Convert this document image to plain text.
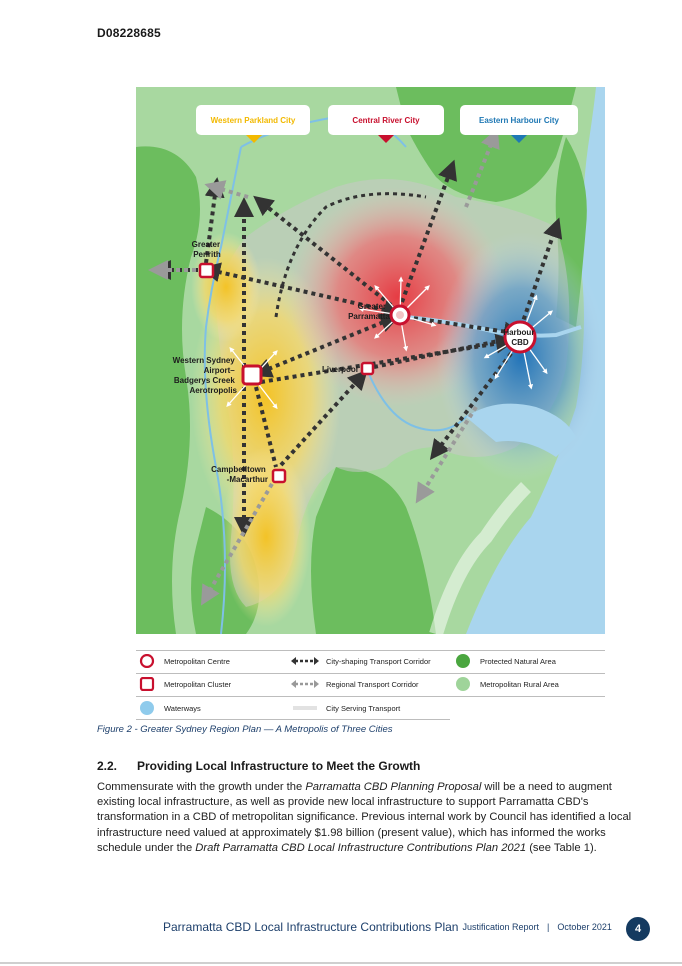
D08228685
Western Parkland City	Central River City	Eastern Harbour City
Greater Penrith
Greater Parramatta
Harbour CBD
Western Sydney Airport– Badgerys Creek Aerotropolis
Liverpool
Campbelltown -Macarthur
Metropolitan Centre	City-shaping Transport Corridor	Protected Natural Area
Metropolitan Cluster	Regional Transport Corridor	Metropolitan Rural Area
Waterways	City Serving Transport
Figure 2 - Greater Sydney Region Plan — A Metropolis of Three Cities
2.2. Providing Local Infrastructure to Meet the Growth
Commensurate with the growth under the Parramatta CBD Planning Proposal will be a need to augment existing local infrastructure, as well as provide new local infrastructure to support Parramatta CBD's transformation in a CBD of metropolitan significance. Previous internal work by Council has identified a local infrastructure need valued at approximately $1.98 billion (present value), which has informed the works schedule under the Draft Parramatta CBD Local Infrastructure Contributions Plan 2021 (see Table 1).
Parramatta CBD Local Infrastructure Contributions Plan Justification Report | October 2021	4
